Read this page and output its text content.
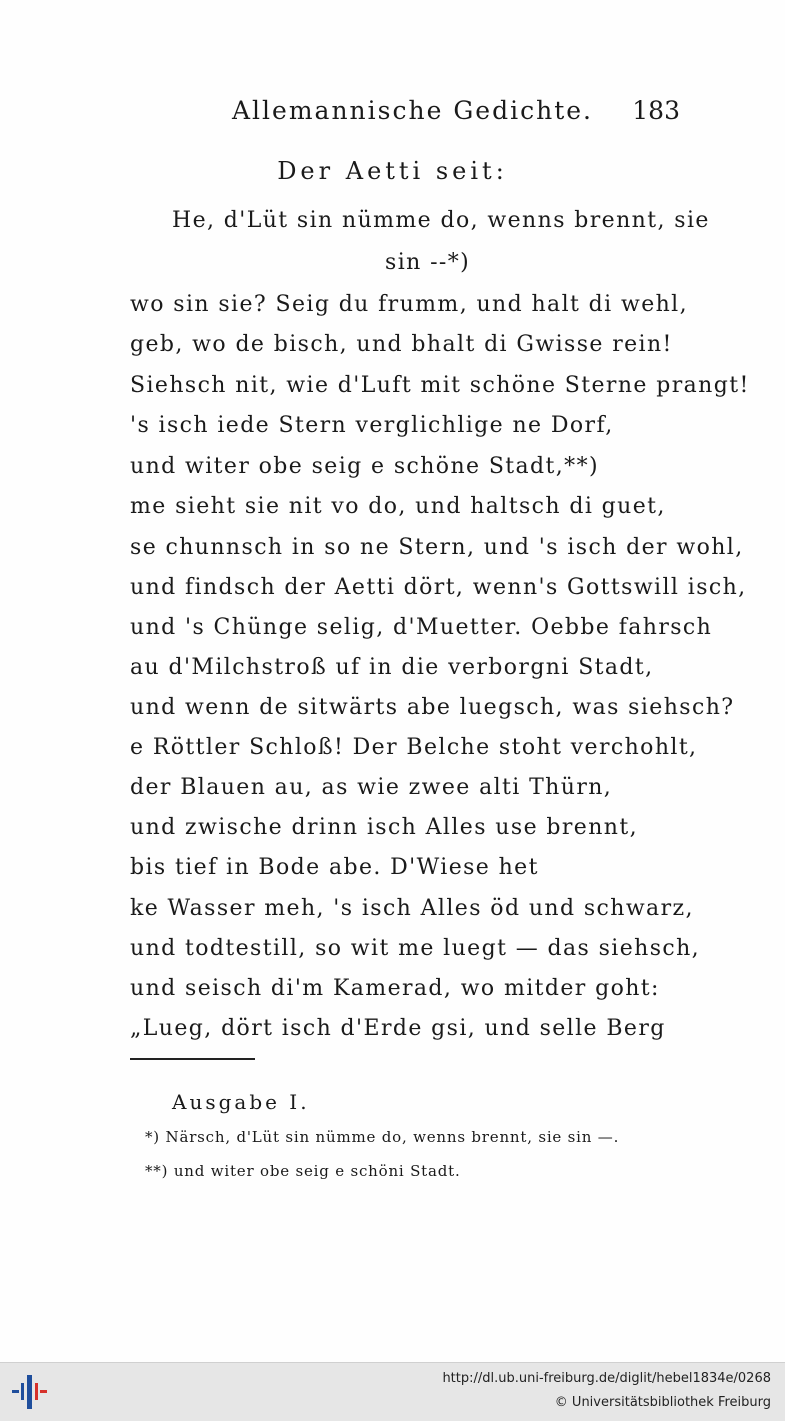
Allemannische Gedichte. 183
Der Aetti seit:
He, d'Lüt sin nümme do, wenns brennt, sie
sin --*)
wo sin sie? Seig du frumm, und halt di wehl,
geb, wo de bisch, und bhalt di Gwisse rein!
Siehsch nit, wie d'Luft mit schöne Sterne prangt!
's isch iede Stern verglichlige ne Dorf,
und witer obe seig e schöne Stadt,**)
me sieht sie nit vo do, und haltsch di guet,
se chunnsch in so ne Stern, und 's isch der wohl,
und findsch der Aetti dört, wenn's Gottswill isch,
und 's Chünge selig, d'Muetter. Oebbe fahrsch
au d'Milchstroß uf in die verborgni Stadt,
und wenn de sitwärts abe luegsch, was siehsch?
e Röttler Schloß! Der Belche stoht verchohlt,
der Blauen au, as wie zwee alti Thürn,
und zwische drinn isch Alles use brennt,
bis tief in Bode abe. D'Wiese het
ke Wasser meh, 's isch Alles öd und schwarz,
und todtestill, so wit me luegt — das siehsch,
und seisch di'm Kamerad, wo mitder goht:
„Lueg, dört isch d'Erde gsi, und selle Berg
Ausgabe I.
*) Närsch, d'Lüt sin nümme do, wenns brennt, sie sin —.
**) und witer obe seig e schöni Stadt.
http://dl.ub.uni-freiburg.de/diglit/hebel1834e/0268
© Universitätsbibliothek Freiburg
